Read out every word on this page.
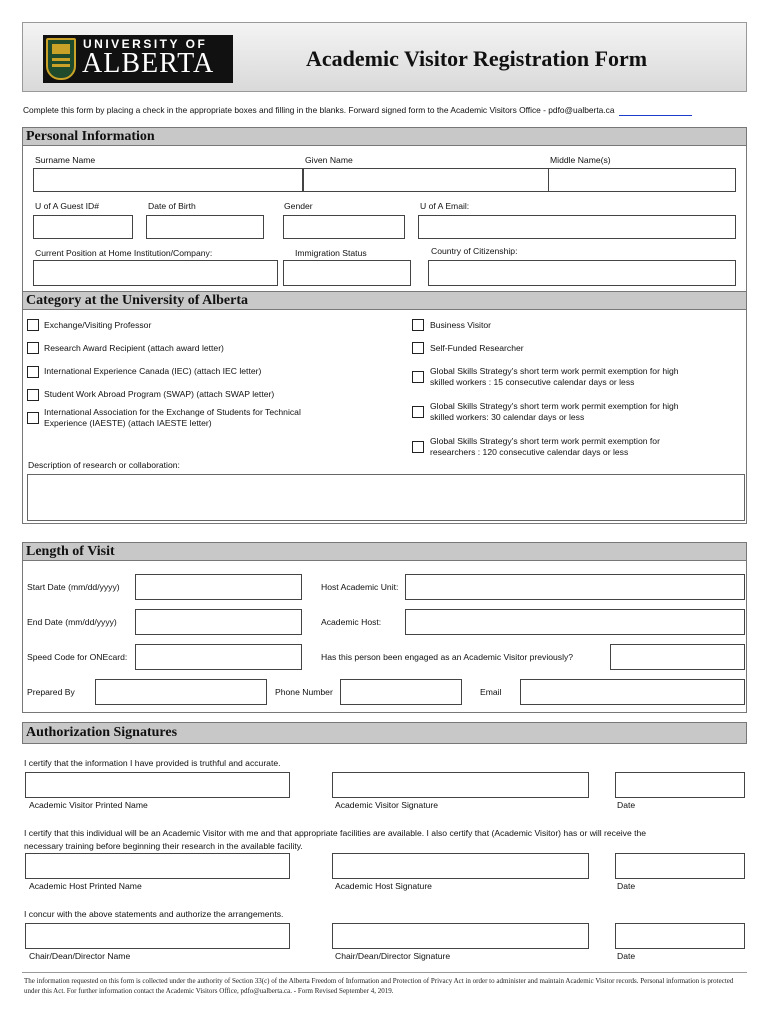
UNIVERSITY OF
ALBERTA	Academic Visitor Registration Form
Complete this form by placing a check in the appropriate boxes and filling in the blanks. Forward signed form to the Academic Visitors Office - pdfo@ualberta.ca
Personal Information
Surname Name	Given Name	Middle Name(s)
U of A Guest ID#	Date of Birth	Gender	U of A Email:
Current Position at Home Institution/Company:	Immigration Status	Country of Citizenship:
Category at the University of Alberta
Exchange/Visiting Professor
Research Award Recipient (attach award letter)
International Experience Canada (IEC) (attach IEC letter)
Student Work Abroad Program (SWAP) (attach SWAP letter)
International Association for the Exchange of Students for Technical
Experience (IAESTE) (attach IAESTE letter)
Business Visitor
Self-Funded Researcher
Global Skills Strategy's short term work permit exemption for high
skilled workers : 15 consecutive calendar days or less
Global Skills Strategy's short term work permit exemption for high
skilled workers: 30 calendar days or less
Global Skills Strategy's short term work permit exemption for
researchers : 120 consecutive calendar days or less
Description of research or collaboration:
Length of Visit
Start Date (mm/dd/yyyy)	Host Academic Unit:
End Date (mm/dd/yyyy)	Academic Host:
Speed Code for ONEcard:	Has this person been engaged as an Academic Visitor previously?
Prepared By	Phone Number	Email
Authorization Signatures
I certify that the information I have provided is truthful and accurate.
Academic Visitor Printed Name	Academic Visitor Signature	Date
I certify that this individual will be an Academic Visitor with me and that appropriate facilities are available. I also certify that (Academic Visitor) has or will receive the
necessary training before beginning their research in the available facility.
Academic Host Printed Name	Academic Host Signature	Date
I concur with the above statements and authorize the arrangements.
Chair/Dean/Director Name	Chair/Dean/Director Signature	Date
The information requested on this form is collected under the authority of Section 33(c) of the Alberta Freedom of Information and Protection of Privacy Act in order to administer and maintain Academic Visitor records. Personal information is protected under this Act. For further information contact the Academic Visitors Office, pdfo@ualberta.ca. - Form Revised September 4, 2019.
